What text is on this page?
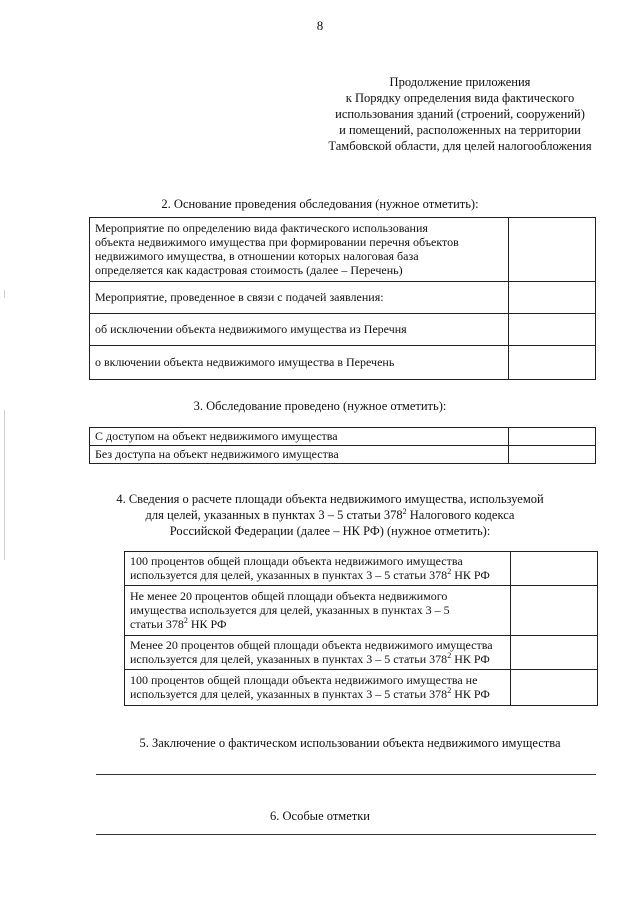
8
Продолжение приложения
к Порядку определения вида фактического
использования зданий (строений, сооружений)
и помещений, расположенных на территории
Тамбовской области, для целей налогообложения
2. Основание проведения обследования (нужное отметить):
Мероприятие по определению вида фактического использования
объекта недвижимого имущества при формировании перечня объектов
недвижимого имущества, в отношении которых налоговая база
определяется как кадастровая стоимость (далее – Перечень)	

Мероприятие, проведенное в связи с подачей заявления:	

об исключении объекта недвижимого имущества из Перечня	

о включении объекта недвижимого имущества в Перечень	

3. Обследование проведено (нужное отметить):
С доступом на объект недвижимого имущества	

Без доступа на объект недвижимого имущества	

4. Сведения о расчете площади объекта недвижимого имущества, используемой
для целей, указанных в пунктах 3 – 5 статьи $378^2$ Налогового кодекса
Российской Федерации (далее – НК РФ) (нужное отметить):
100 процентов общей площади объекта недвижимого имущества
используется для целей, указанных в пунктах 3 – 5 статьи $378^2$ НК РФ	

Не менее 20 процентов общей площади объекта недвижимого
имущества используется для целей, указанных в пунктах 3 – 5
статьи $378^2$ НК РФ	

Менее 20 процентов общей площади объекта недвижимого имущества
используется для целей, указанных в пунктах 3 – 5 статьи $378^2$ НК РФ	

100 процентов общей площади объекта недвижимого имущества не
используется для целей, указанных в пунктах 3 – 5 статьи $378^2$ НК РФ	

5. Заключение о фактическом использовании объекта недвижимого имущества
6. Особые отметки
